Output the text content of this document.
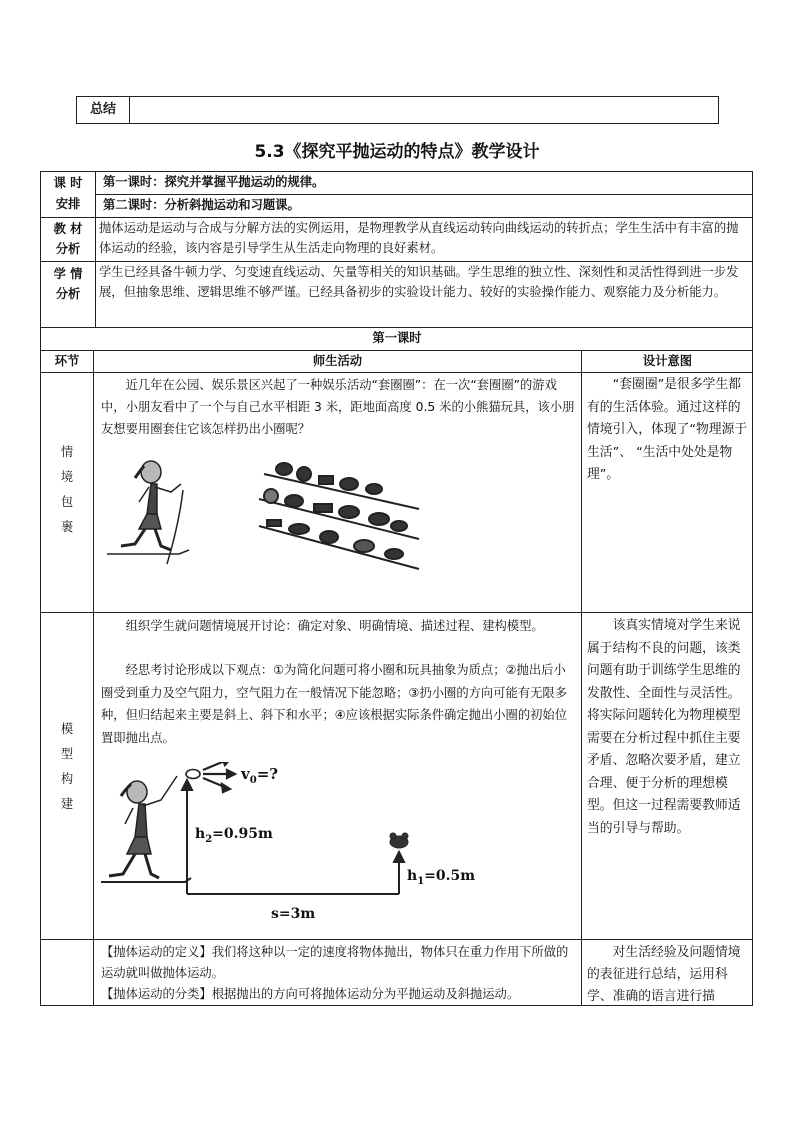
总结
5.3《探究平抛运动的特点》教学设计
课 时
安排
第一课时：探究并掌握平抛运动的规律。
第二课时：分析斜抛运动和习题课。
教 材
分析
抛体运动是运动与合成与分解方法的实例运用，是物理教学从直线运动转向曲线运动的转折点；学生生活中有丰富的抛体运动的经验，该内容是引导学生从生活走向物理的良好素材。
学 情
分析
学生已经具备牛顿力学、匀变速直线运动、矢量等相关的知识基础。学生思维的独立性、深刻性和灵活性得到进一步发展，但抽象思维、逻辑思维不够严谨。已经具备初步的实验设计能力、较好的实验操作能力、观察能力及分析能力。
第一课时
环节	师生活动	设计意图
情
境
包
裹
近几年在公园、娱乐景区兴起了一种娱乐活动“套圈圈”：在一次“套圈圈”的游戏中，小朋友看中了一个与自己水平相距 3 米，距地面高度 0.5 米的小熊猫玩具，该小朋友想要用圈套住它该怎样扔出小圈呢？
“套圈圈”是很多学生都有的生活体验。通过这样的情境引入，体现了“物理源于生活”、 “生活中处处是物理”。
模
型
构
建
组织学生就问题情境展开讨论：确定对象、明确情境、描述过程、建构模型。
经思考讨论形成以下观点：①为简化问题可将小圈和玩具抽象为质点；②抛出后小圈受到重力及空气阻力，空气阻力在一般情况下能忽略；③扔小圈的方向可能有无限多种，但归结起来主要是斜上、斜下和水平；④应该根据实际条件确定抛出小圈的初始位置即抛出点。
该真实情境对学生来说属于结构不良的问题，该类问题有助于训练学生思维的发散性、全面性与灵活性。将实际问题转化为物理模型需要在分析过程中抓住主要矛盾、忽略次要矛盾，建立合理、便于分析的理想模型。但这一过程需要教师适当的引导与帮助。
$v_0=$?
$h_2=0.95m$
$h_1=0.5m$
s=3m
【抛体运动的定义】我们将这种以一定的速度将物体抛出，物体只在重力作用下所做的运动就叫做抛体运动。
【抛体运动的分类】根据抛出的方向可将抛体运动分为平抛运动及斜抛运动。
对生活经验及问题情境的表征进行总结，运用科学、准确的语言进行描
